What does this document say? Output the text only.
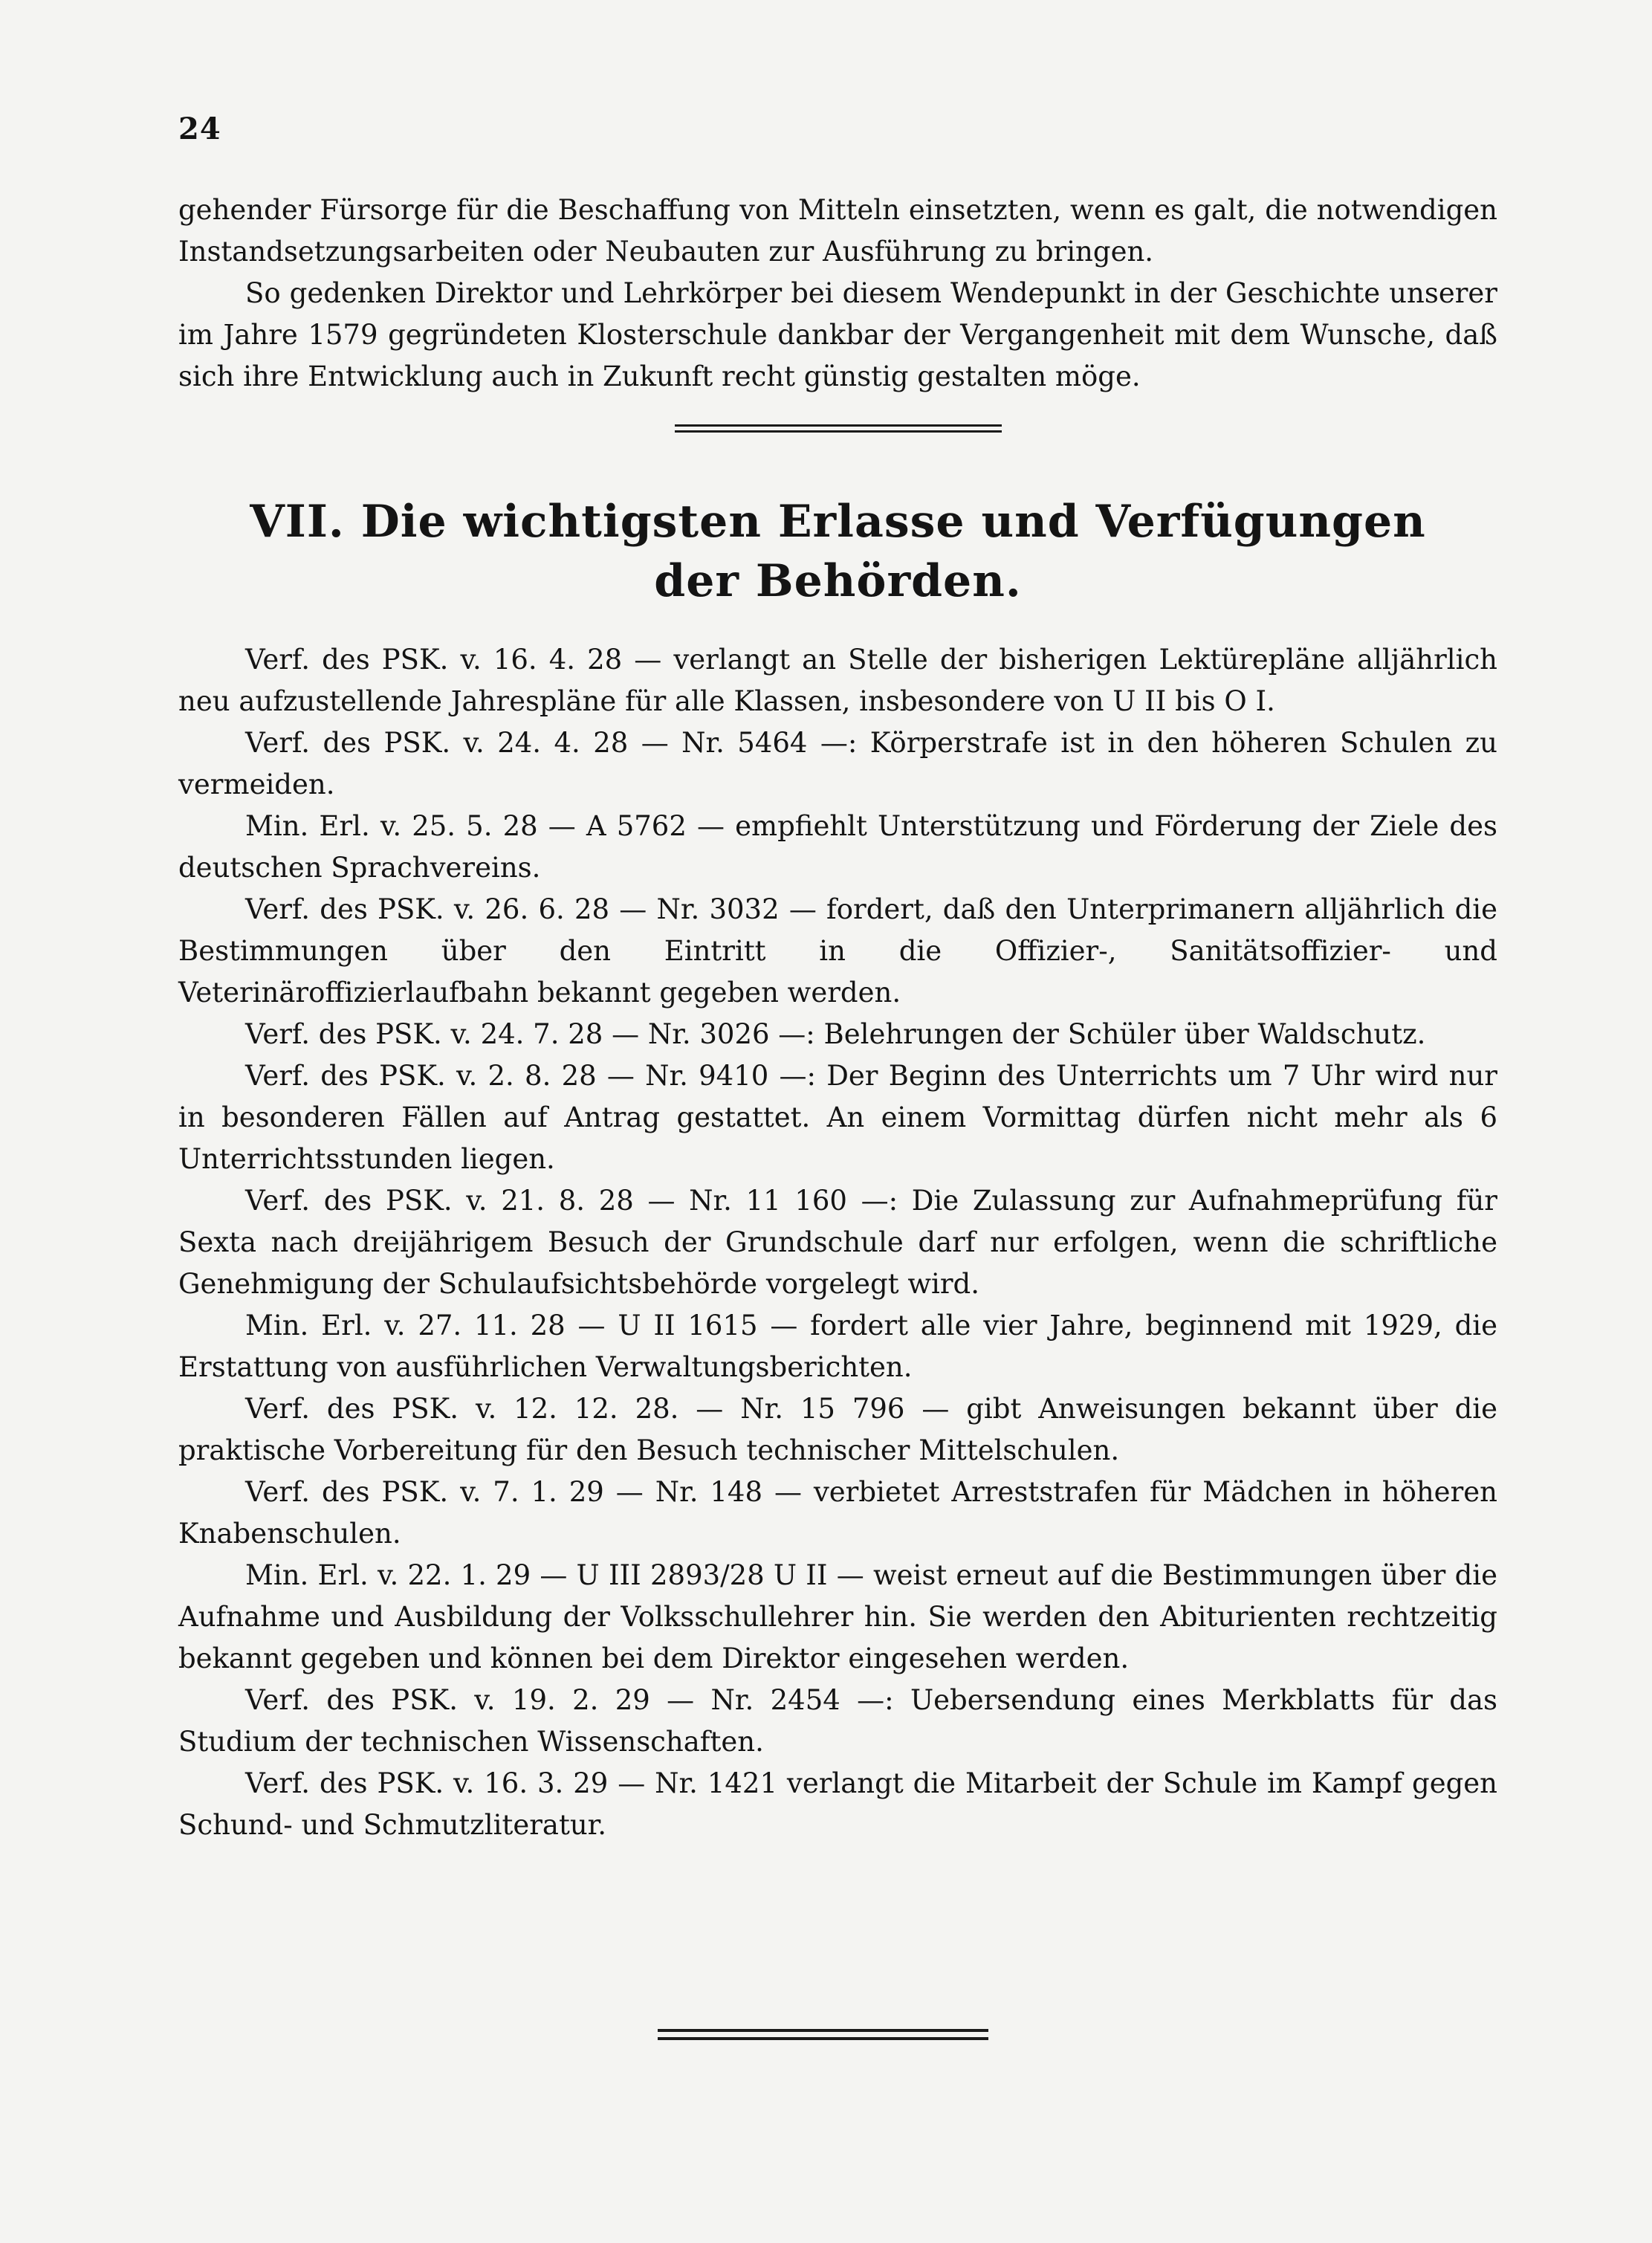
24

gehender Fürsorge für die Beschaffung von Mitteln einsetzten, wenn es galt, die notwendigen Instandsetzungsarbeiten oder Neubauten zur Ausführung zu bringen.

So gedenken Direktor und Lehrkörper bei diesem Wendepunkt in der Geschichte unserer im Jahre 1579 gegründeten Klosterschule dankbar der Vergangenheit mit dem Wunsche, daß sich ihre Entwicklung auch in Zukunft recht günstig gestalten möge.

VII. Die wichtigsten Erlasse und Verfügungen
der Behörden.

Verf. des PSK. v. 16. 4. 28 — verlangt an Stelle der bisherigen Lektürepläne alljährlich neu aufzustellende Jahrespläne für alle Klassen, insbesondere von U II bis O I.

Verf. des PSK. v. 24. 4. 28 — Nr. 5464 —: Körperstrafe ist in den höheren Schulen zu vermeiden.

Min. Erl. v. 25. 5. 28 — A 5762 — empfiehlt Unterstützung und Förderung der Ziele des deutschen Sprachvereins.

Verf. des PSK. v. 26. 6. 28 — Nr. 3032 — fordert, daß den Unterprimanern alljährlich die Bestimmungen über den Eintritt in die Offizier-, Sanitätsoffizier- und Veterinäroffizierlaufbahn bekannt gegeben werden.

Verf. des PSK. v. 24. 7. 28 — Nr. 3026 —: Belehrungen der Schüler über Waldschutz.

Verf. des PSK. v. 2. 8. 28 — Nr. 9410 —: Der Beginn des Unterrichts um 7 Uhr wird nur in besonderen Fällen auf Antrag gestattet. An einem Vormittag dürfen nicht mehr als 6 Unterrichtsstunden liegen.

Verf. des PSK. v. 21. 8. 28 — Nr. 11 160 —: Die Zulassung zur Aufnahmeprüfung für Sexta nach dreijährigem Besuch der Grundschule darf nur erfolgen, wenn die schriftliche Genehmigung der Schulaufsichtsbehörde vorgelegt wird.

Min. Erl. v. 27. 11. 28 — U II 1615 — fordert alle vier Jahre, beginnend mit 1929, die Erstattung von ausführlichen Verwaltungsberichten.

Verf. des PSK. v. 12. 12. 28. — Nr. 15 796 — gibt Anweisungen bekannt über die praktische Vorbereitung für den Besuch technischer Mittelschulen.

Verf. des PSK. v. 7. 1. 29 — Nr. 148 — verbietet Arreststrafen für Mädchen in höheren Knabenschulen.

Min. Erl. v. 22. 1. 29 — U III 2893/28 U II — weist erneut auf die Bestimmungen über die Aufnahme und Ausbildung der Volksschullehrer hin. Sie werden den Abiturienten rechtzeitig bekannt gegeben und können bei dem Direktor eingesehen werden.

Verf. des PSK. v. 19. 2. 29 — Nr. 2454 —: Uebersendung eines Merkblatts für das Studium der technischen Wissenschaften.

Verf. des PSK. v. 16. 3. 29 — Nr. 1421 verlangt die Mitarbeit der Schule im Kampf gegen Schund- und Schmutzliteratur.
